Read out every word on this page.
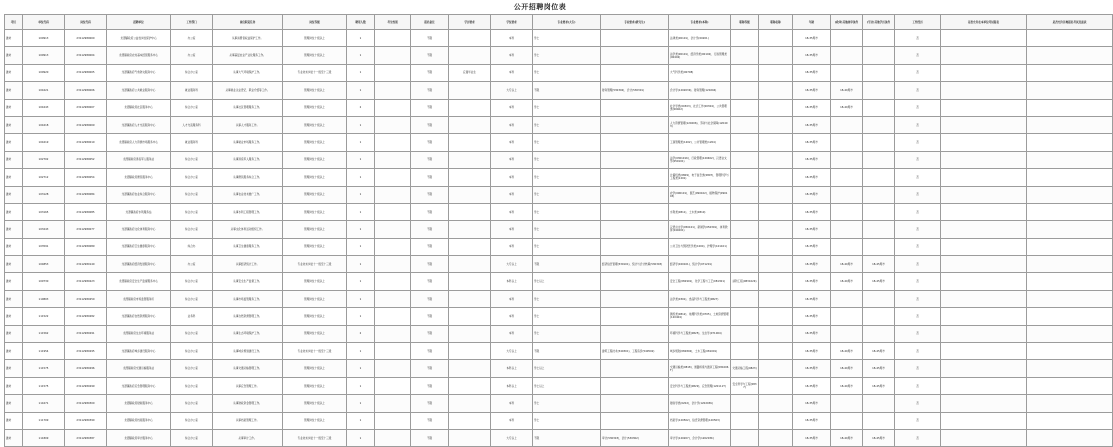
公开招聘岗位表
考区	单位代码	岗位代码	招聘单位	工作部门	岗位职责任务	岗位等级	聘用人数	考生性别	报名备注	学历要求	学位要求	专业要求(大专)	专业要求(研究生)	专业要求(本科)	职称等级	职称名称	年龄	(政审)其他政审条件	(学历)其他学历条件	工作经历	是否允许在本单位考试报名	是否允许异地报名考试及面试
潍坊	100913	23112980000	龙潭镇政府公益性岗位保护中心	办公室	从事消费者权益保护工作。	管理岗位十级以上	1		不限		本科	学士		法律类(00101)、会计学(00201)			18-35周岁			否		
潍坊	100913	23112980004	龙潭镇政府农村基本经营服务中心	办公室	从事基层农业产业化服务工作。	管理岗位十级以上	1		不限		本科	学士		法学类(00101)、经济学类(00102)、行政管理类(00402)			18-35周岁			否		
潍坊	100920	23112980005	龙潭镇政府气象防灾服务中心	综合办公室	从事大气环境保护工作。	专业技术岗位十一级至十三级	1		不限	应届毕业生	本科	学士		大气科学类(00708)			18-35周岁			否		
潍坊	101621	23112980006	龙潭镇政府公共就业服务中心	就业服务科	从事就业失业登记、职业介绍等工作。	管理岗位十级以上	1		不限		大专以上	不限	财务管理(530302)、会计(530301)	会计学(120203K)、财务管理(120204)			18-35周岁	18-40周岁		否		
潍坊	101643	23112980007	龙潭镇政府社区服务中心	综合办公室	从事社区管理服务工作。	管理岗位十级以上	2		不限		本科	学士		社会学类(00303)、社会工作(00304)、公共管理类(00402)			18-35周岁	18-40周岁		否		
潍坊	101618	23112980009	龙潭镇政府人才交流服务中心	人才交流服务科	从事人才服务工作。	管理岗位十级以上	1		不限		本科	学士		人力资源管理(120206)、劳动与社会保障(120403)			18-35周岁			否		
潍坊	101619	23112980010	龙潭镇政府人力资源市场服务中心	就业服务科	从事就业市场服务工作。	管理岗位十级以上	1		不限		本科	学士		工商管理类(1202)、公共管理类(1204)			18-35周岁			否		
潍坊	102702	23112980052	龙潭镇政府退役军人服务站	综合办公室	从事退役军人服务工作。	管理岗位十级以上	1		不限		本科	学士		法学(030101K)、行政管理(120402)、汉语言文学(050101)			18-35周岁			否		
潍坊	102712	23112980054	龙潭镇政府便民服务中心	综合办公室	从事便民服务综合工作。	管理岗位十级以上	1		不限		本科	学士		计算机类(0809)、电子信息类(0807)、管理科学与工程类(1201)			18-35周岁			否		
潍坊	103128	23112980084	龙潭镇政府农业综合服务中心	综合办公室	从事农业技术推广工作。	管理岗位十级以上	1		不限		本科	学士		农学(090101)、园艺(090102)、植物保护(090103)			18-35周岁			否		
潍坊	103165	23112980085	龙潭镇政府水利服务站	综合办公室	从事水利工程管理工作。	管理岗位十级以上	1		不限		本科	学士		水利类(0811)、土木类(0810)			18-35周岁			否		
潍坊	103243	23112980077	龙潭镇政府文化体育服务中心	综合办公室	从事文化体育活动组织工作。	管理岗位十级以上	1		不限		本科	学士		汉语言文学(050101)、新闻学(050301)、体育教育(040201)			18-35周岁			否		
潍坊	103591	23112980089	龙潭镇政府卫生健康服务中心	综合办	从事卫生健康服务工作。	管理岗位十级以上	1		不限		本科	学士		公共卫生与预防医学类(1004)、护理学(101101)			18-35周岁			否		
潍坊	104853	23112980140	龙潭镇政府经济发展服务中心	办公室	从事经济统计工作。	专业技术岗位十一级至十三级	1		不限		大专以上	不限	经济信息管理(530101)、统计与会计核算(530303)	经济学(020101)、统计学(071201)			18-35周岁	18-40周岁	18-45周岁	否		
潍坊	109730	23112980223	龙潭镇政府安全生产监督服务中心	综合办公室	从事安全生产监督工作。	管理岗位十级以上	1		不限		本科以上	学士以上		安全工程(082901)、化学工程与工艺(081301)	消防工程(083102K)		18-35周岁	18-40周岁	18-45周岁	否		
潍坊	110803	23112980250	龙潭镇政府市场监管服务所	综合办公室	从事市场监管服务工作。	管理岗位十级以上	1		不限		本科	学士		法学类(0301)、食品科学与工程类(0827)			18-35周岁			否		
潍坊	111522	23112980282	龙潭镇政府自然资源服务中心	业务科	从事自然资源管理工作。	管理岗位十级以上	1		不限		本科	学士		测绘类(0812)、地理科学类(0705)、土地资源管理(120404)			18-35周岁			否		
潍坊	111562	23112980291	龙潭镇政府生态环境服务站	综合办公室	从事生态环境保护工作。	管理岗位十级以上	2		不限		本科	学士		环境科学与工程类(0825)、生态学(071004)			18-35周岁			否		
潍坊	111954	23112980295	龙潭镇政府城乡建设服务中心	综合办公室	从事城乡规划建设工作。	专业技术岗位十一级至十三级	1		不限		大专以上	不限	建筑工程技术(540301)、工程造价(540502)	城乡规划(082802)、土木工程(081001)			18-35周岁	18-40周岁	18-45周岁	否		
潍坊	111575	23112980296	龙潭镇政府交通运输服务站	综合办公室	从事交通运输管理工作。	管理岗位十级以上	1		不限		本科以上	学士以上		交通运输类(0818)、道路桥梁与渡河工程(081006T)	交通运输工程(0823)		18-35周岁	18-40周岁	18-45周岁	否		
潍坊	111575	23112980299	龙潭镇政府应急管理服务中心	综合办公室	从事应急管理工作。	管理岗位十级以上	1		不限		本科以上	学士以上		安全科学与工程类(0829)、应急管理(120111T)	安全科学与工程(0837)		18-35周岁	18-40周岁	18-45周岁	否		
潍坊	111671	23112980300	龙潭镇政府财政服务中心	综合办公室	从事财政资金管理工作。	管理岗位十级以上	1		不限		本科	学士		财政学类(0202)、会计学(120203K)			18-35周岁			否		
潍坊	111709	23112980390	龙潭镇政府档案服务中心	综合办公室	从事档案管理工作。	管理岗位十级以上	1		不限		本科	学士		档案学(120502)、信息资源管理(120503)			18-35周岁			否		
潍坊	111809	23112980387	龙潭镇政府审计服务中心	综合办公室	从事审计工作。	专业技术岗位十一级至十三级	1		不限		大专以上	不限	审计(530303)、会计(530302)	审计学(120207)、会计学(120203K)			18-35周岁	18-40周岁	18-45周岁	否		
